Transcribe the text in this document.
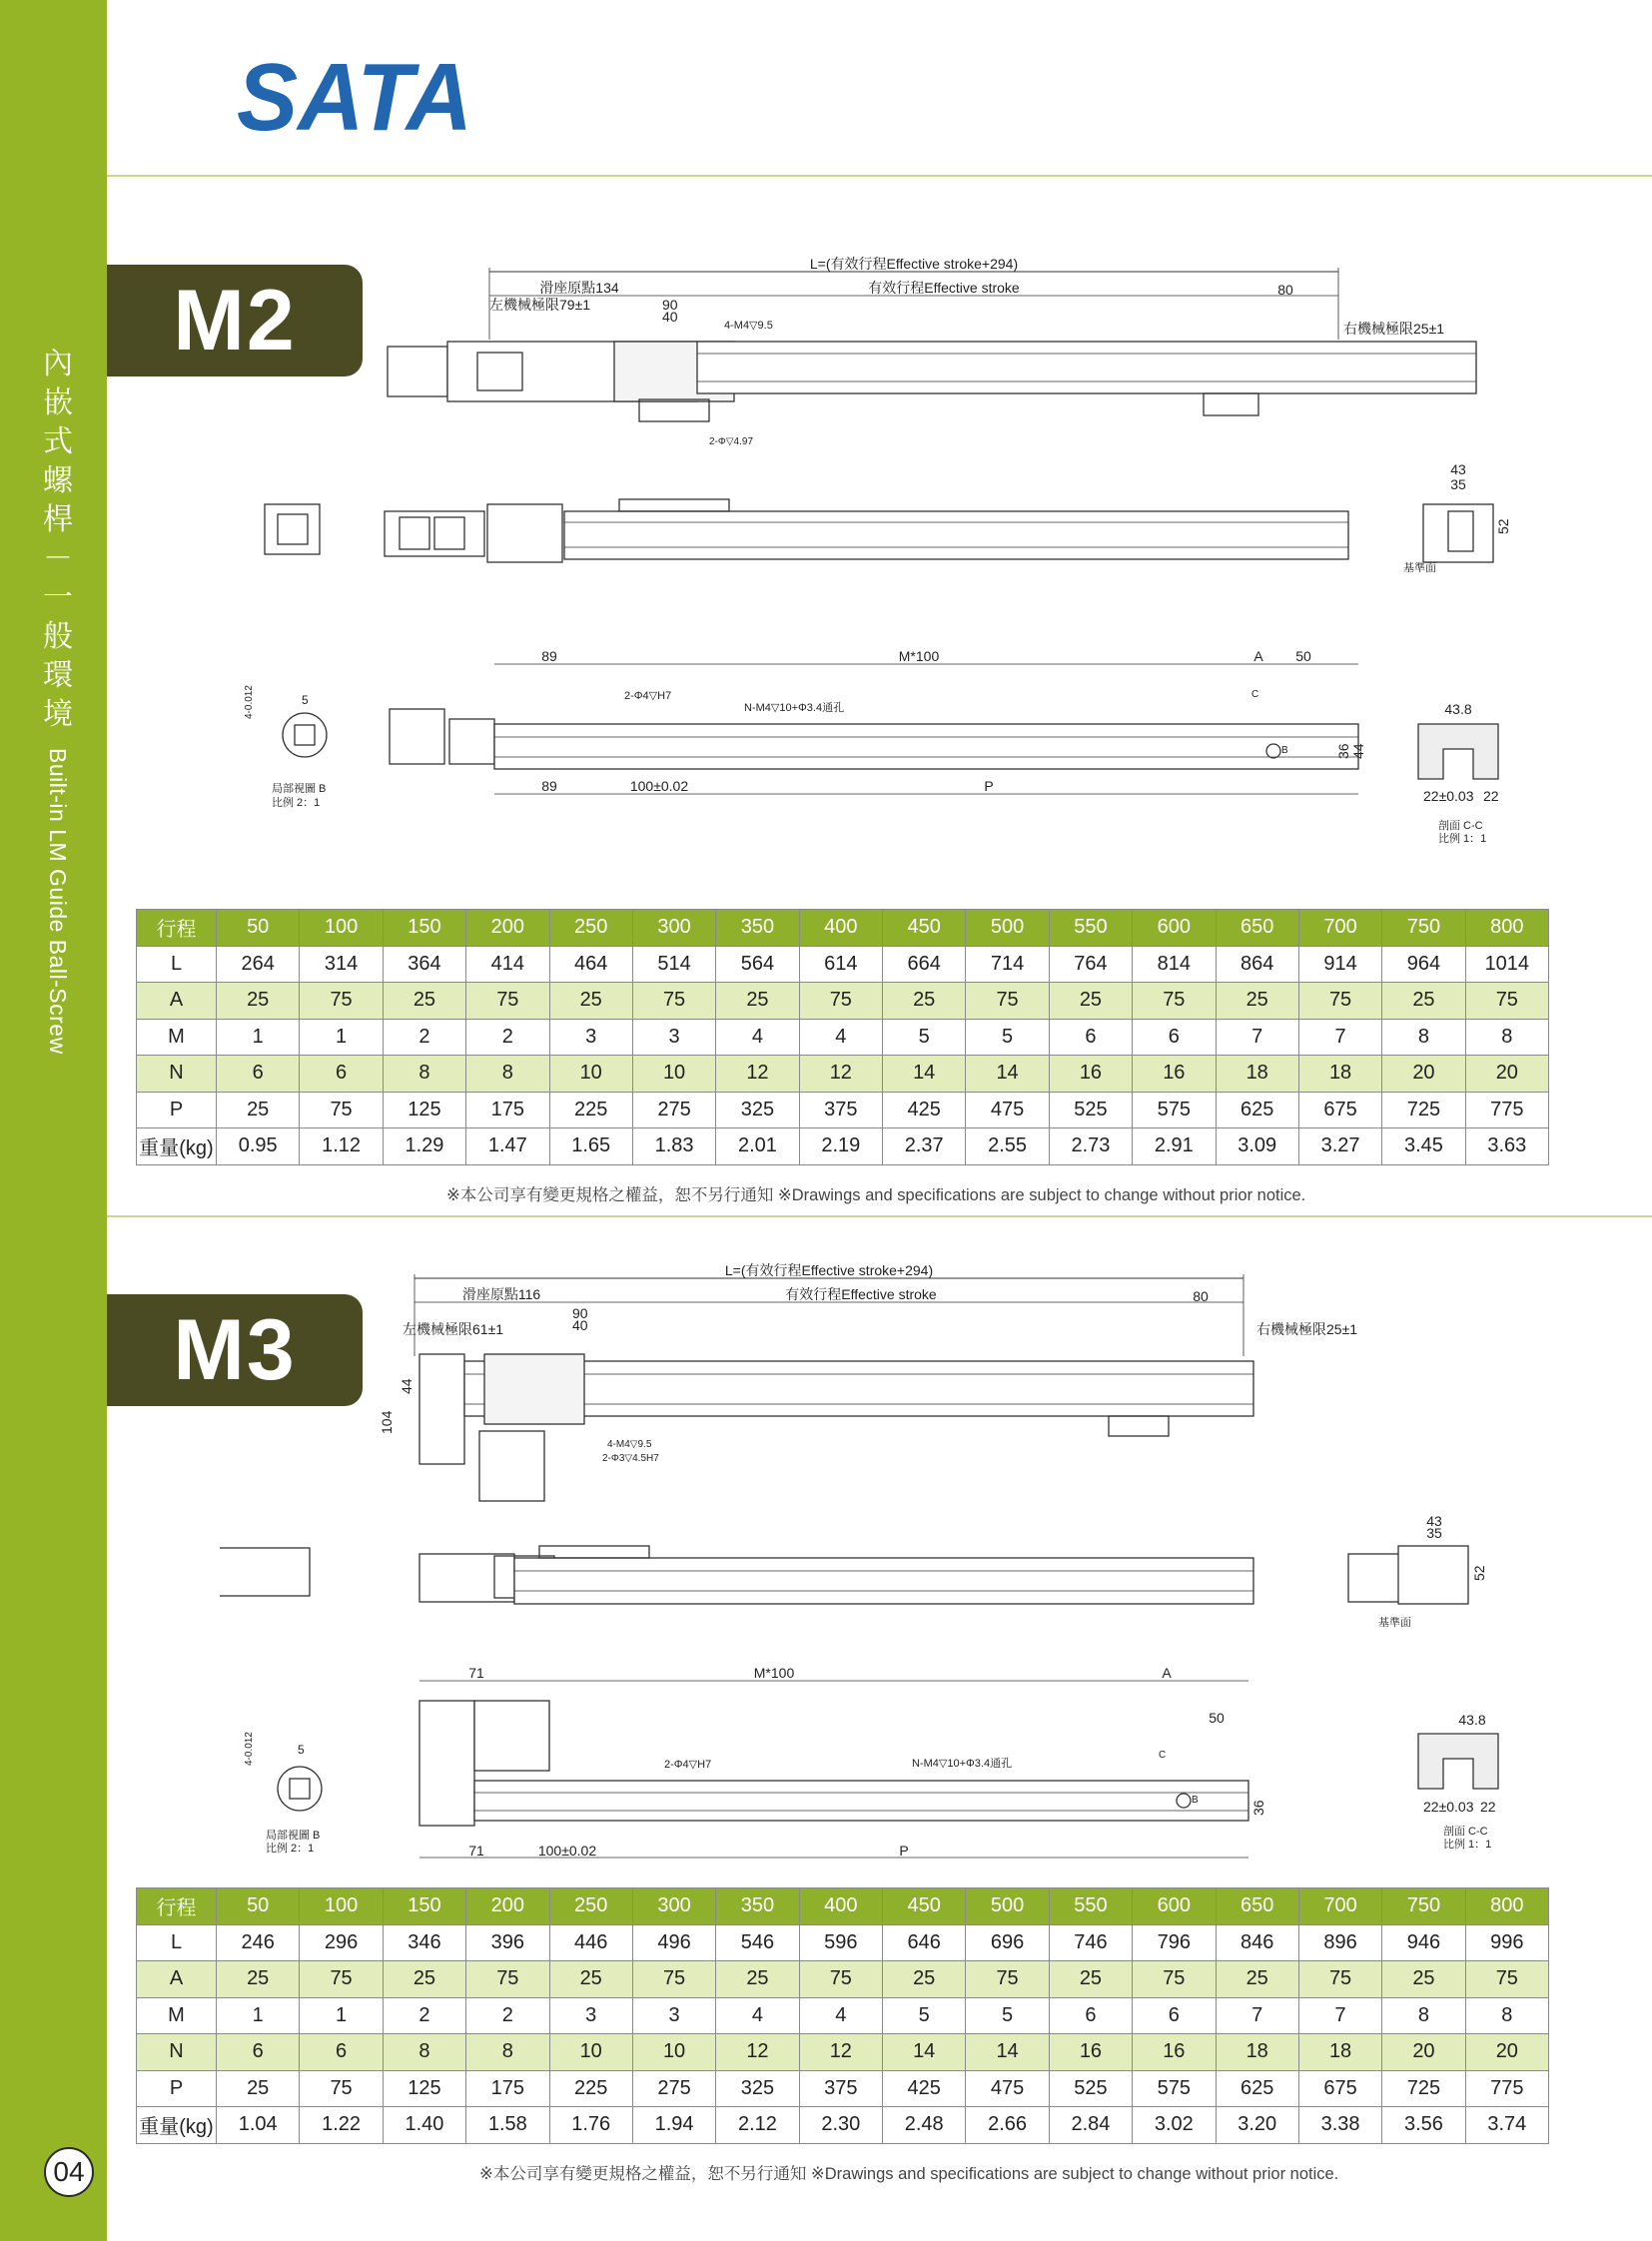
內
嵌
式
螺
桿
－
一
般
環
境
Built-in LM Guide Ball-Screw
04
SATA
M2
L=(有效行程Effective stroke+294)
滑座原點134	有效行程Effective stroke	80
左機械極限79±1	90
40
4-M4▽9.5	右機械極限25±1
2-Φ▽4.97
43
35
52
基準面
89	M*100	A 50
2-Φ4▽H7
N-M4▽10+Φ3.4通孔
B
C
36 44
89	100±0.02	P
4-0.012	5
局部視圖 B
比例 2：1
43.8
22±0.03 22
剖面 C-C
比例 1：1
行程	50	100	150	200	250	300	350	400	450	500	550	600	650	700	750	800
L	264	314	364	414	464	514	564	614	664	714	764	814	864	914	964	1014
A	25	75	25	75	25	75	25	75	25	75	25	75	25	75	25	75
M	1	1	2	2	3	3	4	4	5	5	6	6	7	7	8	8
N	6	6	8	8	10	10	12	12	14	14	16	16	18	18	20	20
P	25	75	125	175	225	275	325	375	425	475	525	575	625	675	725	775
重量(kg)	0.95	1.12	1.29	1.47	1.65	1.83	2.01	2.19	2.37	2.55	2.73	2.91	3.09	3.27	3.45	3.63
※本公司享有變更規格之權益，恕不另行通知 ※Drawings and specifications are subject to change without prior notice.
M3
L=(有效行程Effective stroke+294)
滑座原點116	有效行程Effective stroke	80
左機械極限61±1
90
40	右機械極限25±1
44
104
4-M4▽9.5
2-Φ3▽4.5H7
43
35
52
基準面
71	M*100	A
50
2-Φ4▽H7	N-M4▽10+Φ3.4通孔
B
C
36
71	100±0.02	P
4-0.012	5
局部視圖 B
比例 2：1
43.8
22±0.03 22
剖面 C-C
比例 1：1
行程	50	100	150	200	250	300	350	400	450	500	550	600	650	700	750	800
L	246	296	346	396	446	496	546	596	646	696	746	796	846	896	946	996
A	25	75	25	75	25	75	25	75	25	75	25	75	25	75	25	75
M	1	1	2	2	3	3	4	4	5	5	6	6	7	7	8	8
N	6	6	8	8	10	10	12	12	14	14	16	16	18	18	20	20
P	25	75	125	175	225	275	325	375	425	475	525	575	625	675	725	775
重量(kg)	1.04	1.22	1.40	1.58	1.76	1.94	2.12	2.30	2.48	2.66	2.84	3.02	3.20	3.38	3.56	3.74
※本公司享有變更規格之權益，恕不另行通知 ※Drawings and specifications are subject to change without prior notice.
